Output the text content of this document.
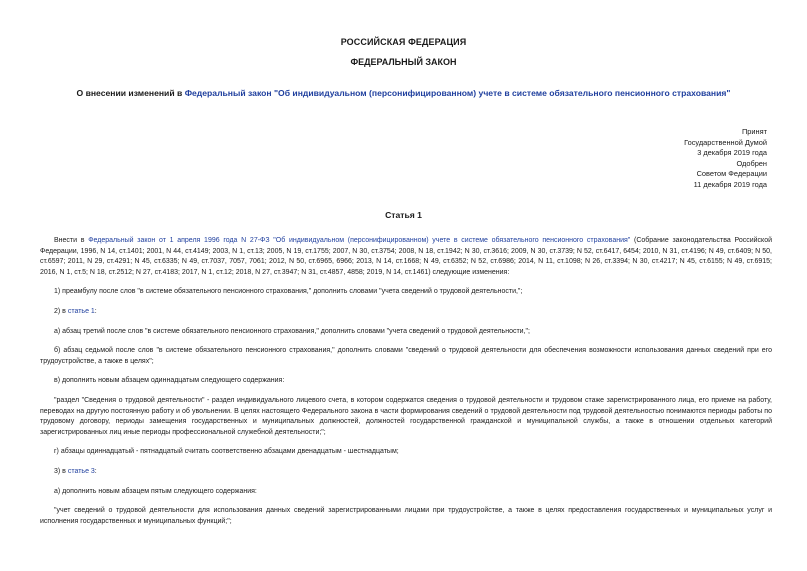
РОССИЙСКАЯ ФЕДЕРАЦИЯ
ФЕДЕРАЛЬНЫЙ ЗАКОН
О внесении изменений в Федеральный закон "Об индивидуальном (персонифицированном) учете в системе обязательного пенсионного страхования"
Принят
Государственной Думой
3 декабря 2019 года
Одобрен
Советом Федерации
11 декабря 2019 года
Статья 1

Внести в Федеральный закон от 1 апреля 1996 года N 27-ФЗ "Об индивидуальном (персонифицированном) учете в системе обязательного пенсионного страхования" (Собрание законодательства Российской Федерации, 1996, N 14, ст.1401; 2001, N 44, ст.4149; 2003, N 1, ст.13; 2005, N 19, ст.1755; 2007, N 30, ст.3754; 2008, N 18, ст.1942; N 30, ст.3616; 2009, N 30, ст.3739; N 52, ст.6417, 6454; 2010, N 31, ст.4196; N 49, ст.6409; N 50, ст.6597; 2011, N 29, ст.4291; N 45, ст.6335; N 49, ст.7037, 7057, 7061; 2012, N 50, ст.6965, 6966; 2013, N 14, ст.1668; N 49, ст.6352; N 52, ст.6986; 2014, N 11, ст.1098; N 26, ст.3394; N 30, ст.4217; N 45, ст.6155; N 49, ст.6915; 2016, N 1, ст.5; N 18, ст.2512; N 27, ст.4183; 2017, N 1, ст.12; 2018, N 27, ст.3947; N 31, ст.4857, 4858; 2019, N 14, ст.1461) следующие изменения:

1) преамбулу после слов "в системе обязательного пенсионного страхования," дополнить словами "учета сведений о трудовой деятельности,";

2) в статье 1:

а) абзац третий после слов "в системе обязательного пенсионного страхования," дополнить словами "учета сведений о трудовой деятельности,";

б) абзац седьмой после слов "в системе обязательного пенсионного страхования," дополнить словами "сведений о трудовой деятельности для обеспечения возможности использования данных сведений при его трудоустройстве, а также в целях";

в) дополнить новым абзацем одиннадцатым следующего содержания:

"раздел "Сведения о трудовой деятельности" - раздел индивидуального лицевого счета, в котором содержатся сведения о трудовой деятельности и трудовом стаже зарегистрированного лица, его приеме на работу, переводах на другую постоянную работу и об увольнении. В целях настоящего Федерального закона в части формирования сведений о трудовой деятельности под трудовой деятельностью понимаются периоды работы по трудовому договору, периоды замещения государственных и муниципальных должностей, должностей государственной гражданской и муниципальной службы, а также в отношении отдельных категорий зарегистрированных лиц иные периоды профессиональной служебной деятельности;";

г) абзацы одиннадцатый - пятнадцатый считать соответственно абзацами двенадцатым - шестнадцатым;

3) в статье 3:

а) дополнить новым абзацем пятым следующего содержания:

"учет сведений о трудовой деятельности для использования данных сведений зарегистрированными лицами при трудоустройстве, а также в целях предоставления государственных и муниципальных услуг и исполнения государственных и муниципальных функций;";
